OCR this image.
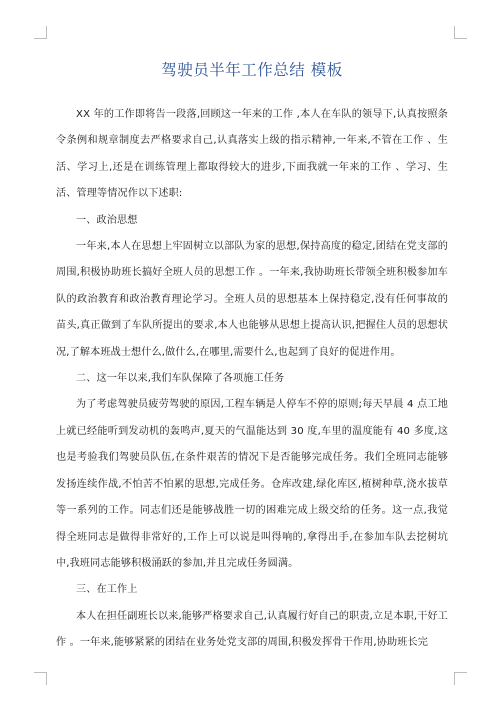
驾驶员半年工作总结 模板

XX 年的工作即将告一段落,回顾这一年来的工作 ,本人在车队的领导下,认真按照条令条例和规章制度去严格要求自己,认真落实上级的指示精神,一年来,不管在工作 、生活、学习上,还是在训练管理上都取得较大的进步,下面我就一年来的工作 、学习、生活、管理等情况作以下述职:

一、政治思想

一年来,本人在思想上牢固树立以部队为家的思想,保持高度的稳定,团结在党支部的周围,积极协助班长搞好全班人员的思想工作 。一年来,我协助班长带领全班积极参加车队的政治教育和政治教育理论学习。全班人员的思想基本上保持稳定,没有任何事故的苗头,真正做到了车队所提出的要求,本人也能够从思想上提高认识,把握住人员的思想状况,了解本班战士想什么,做什么,在哪里,需要什么,也起到了良好的促进作用。

二、这一年以来,我们车队保障了各项施工任务

为了考虑驾驶员疲劳驾驶的原因,工程车辆是人停车不停的原则;每天早晨 4 点工地上就已经能听到发动机的轰鸣声,夏天的气温能达到 30 度,车里的温度能有 40 多度,这也是考验我们驾驶员队伍,在条件艰苦的情况下是否能够完成任务。我们全班同志能够发扬连续作战,不怕苦不怕累的思想,完成任务。仓库改建,绿化库区,植树种草,浇水拔草等一系列的工作。同志们还是能够战胜一切的困难完成上级交给的任务。这一点,我觉得全班同志是做得非常好的,工作上可以说是叫得响的,拿得出手,在参加车队去挖树坑中,我班同志能够积极涌跃的参加,并且完成任务圆满。

三、在工作上

本人在担任副班长以来,能够严格要求自己,认真履行好自己的职责,立足本职,干好工作 。一年来,能够紧紧的团结在业务处党支部的周围,积极发挥骨干作用,协助班长完
